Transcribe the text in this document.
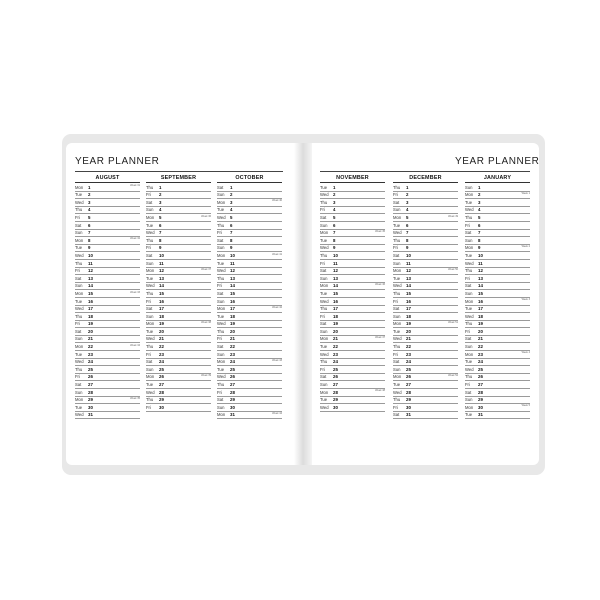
YEAR PLANNER	YEAR PLANNER
AUGUST
Mon 1	Week 31
Tue 2
Wed 3
Thu 4
Fri 5
Sat 6
Sun 7
Mon 8	Week 32
Tue 9
Wed 10
Thu 11
Fri 12
Sat 13
Sun 14
Mon 15	Week 33
Tue 16
Wed 17
Thu 18
Fri 19
Sat 20
Sun 21
Mon 22	Week 34
Tue 23
Wed 24
Thu 25
Fri 26
Sat 27
Sun 28
Mon 29	Week 35
Tue 30
Wed 31
SEPTEMBER
Thu 1
Fri 2
Sat 3
Sun 4
Mon 5	Week 36
Tue 6
Wed 7
Thu 8
Fri 9
Sat 10
Sun 11
Mon 12	Week 37
Tue 13
Wed 14
Thu 15
Fri 16
Sat 17
Sun 18
Mon 19	Week 38
Tue 20
Wed 21
Thu 22
Fri 23
Sat 24
Sun 25
Mon 26	Week 39
Tue 27
Wed 28
Thu 29
Fri 30
OCTOBER
Sat 1
Sun 2
Mon 3	Week 40
Tue 4
Wed 5
Thu 6
Fri 7
Sat 8
Sun 9
Mon 10	Week 41
Tue 11
Wed 12
Thu 13
Fri 14
Sat 15
Sun 16
Mon 17	Week 42
Tue 18
Wed 19
Thu 20
Fri 21
Sat 22
Sun 23
Mon 24	Week 43
Tue 25
Wed 26
Thu 27
Fri 28
Sat 29
Sun 30
Mon 31	Week 44
NOVEMBER
Tue 1
Wed 2
Thu 3
Fri 4
Sat 5
Sun 6
Mon 7	Week 45
Tue 8
Wed 9
Thu 10
Fri 11
Sat 12
Sun 13
Mon 14	Week 46
Tue 15
Wed 16
Thu 17
Fri 18
Sat 19
Sun 20
Mon 21	Week 47
Tue 22
Wed 23
Thu 24
Fri 25
Sat 26
Sun 27
Mon 28	Week 48
Tue 29
Wed 30
DECEMBER
Thu 1
Fri 2
Sat 3
Sun 4
Mon 5	Week 49
Tue 6
Wed 7
Thu 8
Fri 9
Sat 10
Sun 11
Mon 12	Week 50
Tue 13
Wed 14
Thu 15
Fri 16
Sat 17
Sun 18
Mon 19	Week 51
Tue 20
Wed 21
Thu 22
Fri 23
Sat 24
Sun 25
Mon 26	Week 52
Tue 27
Wed 28
Thu 29
Fri 30
Sat 31
JANUARY
Sun 1
Mon 2	Week 1
Tue 3
Wed 4
Thu 5
Fri 6
Sat 7
Sun 8
Mon 9	Week 2
Tue 10
Wed 11
Thu 12
Fri 13
Sat 14
Sun 15
Mon 16	Week 3
Tue 17
Wed 18
Thu 19
Fri 20
Sat 21
Sun 22
Mon 23	Week 4
Tue 24
Wed 25
Thu 26
Fri 27
Sat 28
Sun 29
Mon 30	Week 5
Tue 31
